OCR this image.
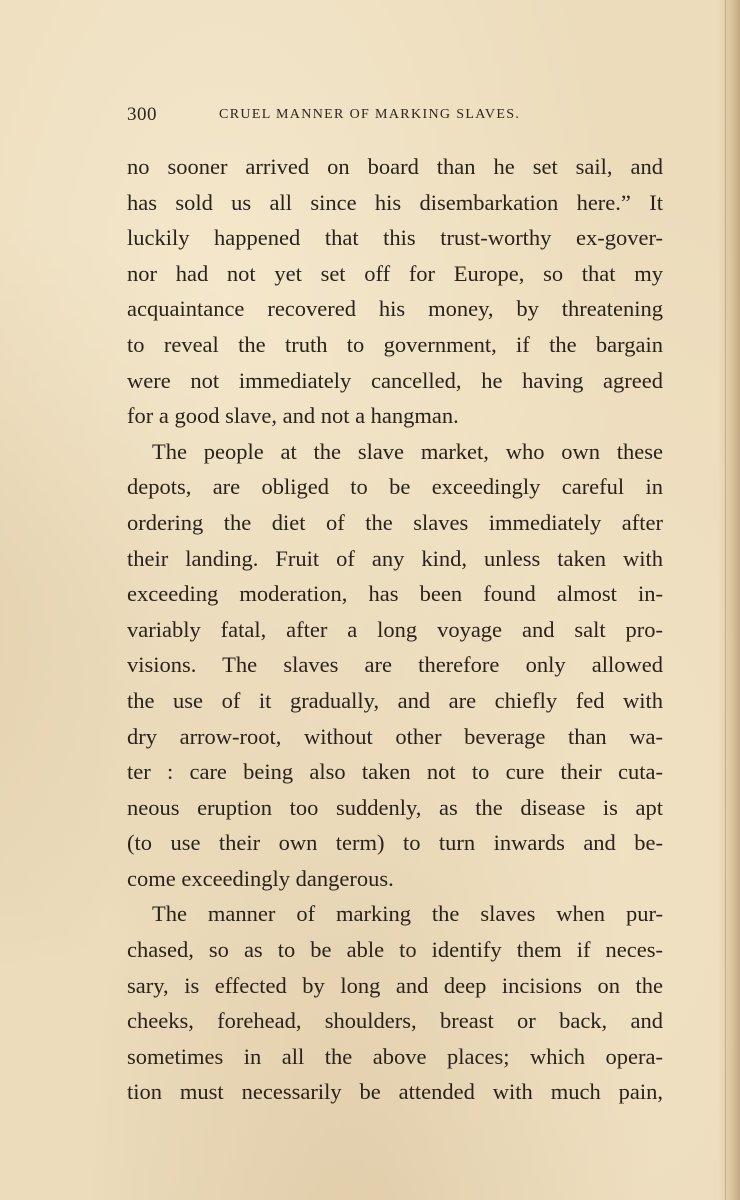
300	CRUEL MANNER OF MARKING SLAVES.
no sooner arrived on board than he set sail, and
has sold us all since his disembarkation here.” It
luckily happened that this trust-worthy ex-gover-
nor had not yet set off for Europe, so that my
acquaintance recovered his money, by threatening
to reveal the truth to government, if the bargain
were not immediately cancelled, he having agreed
for a good slave, and not a hangman.
The people at the slave market, who own these
depots, are obliged to be exceedingly careful in
ordering the diet of the slaves immediately after
their landing. Fruit of any kind, unless taken with
exceeding moderation, has been found almost in-
variably fatal, after a long voyage and salt pro-
visions. The slaves are therefore only allowed
the use of it gradually, and are chiefly fed with
dry arrow-root, without other beverage than wa-
ter : care being also taken not to cure their cuta-
neous eruption too suddenly, as the disease is apt
(to use their own term) to turn inwards and be-
come exceedingly dangerous.
The manner of marking the slaves when pur-
chased, so as to be able to identify them if neces-
sary, is effected by long and deep incisions on the
cheeks, forehead, shoulders, breast or back, and
sometimes in all the above places; which opera-
tion must necessarily be attended with much pain,
